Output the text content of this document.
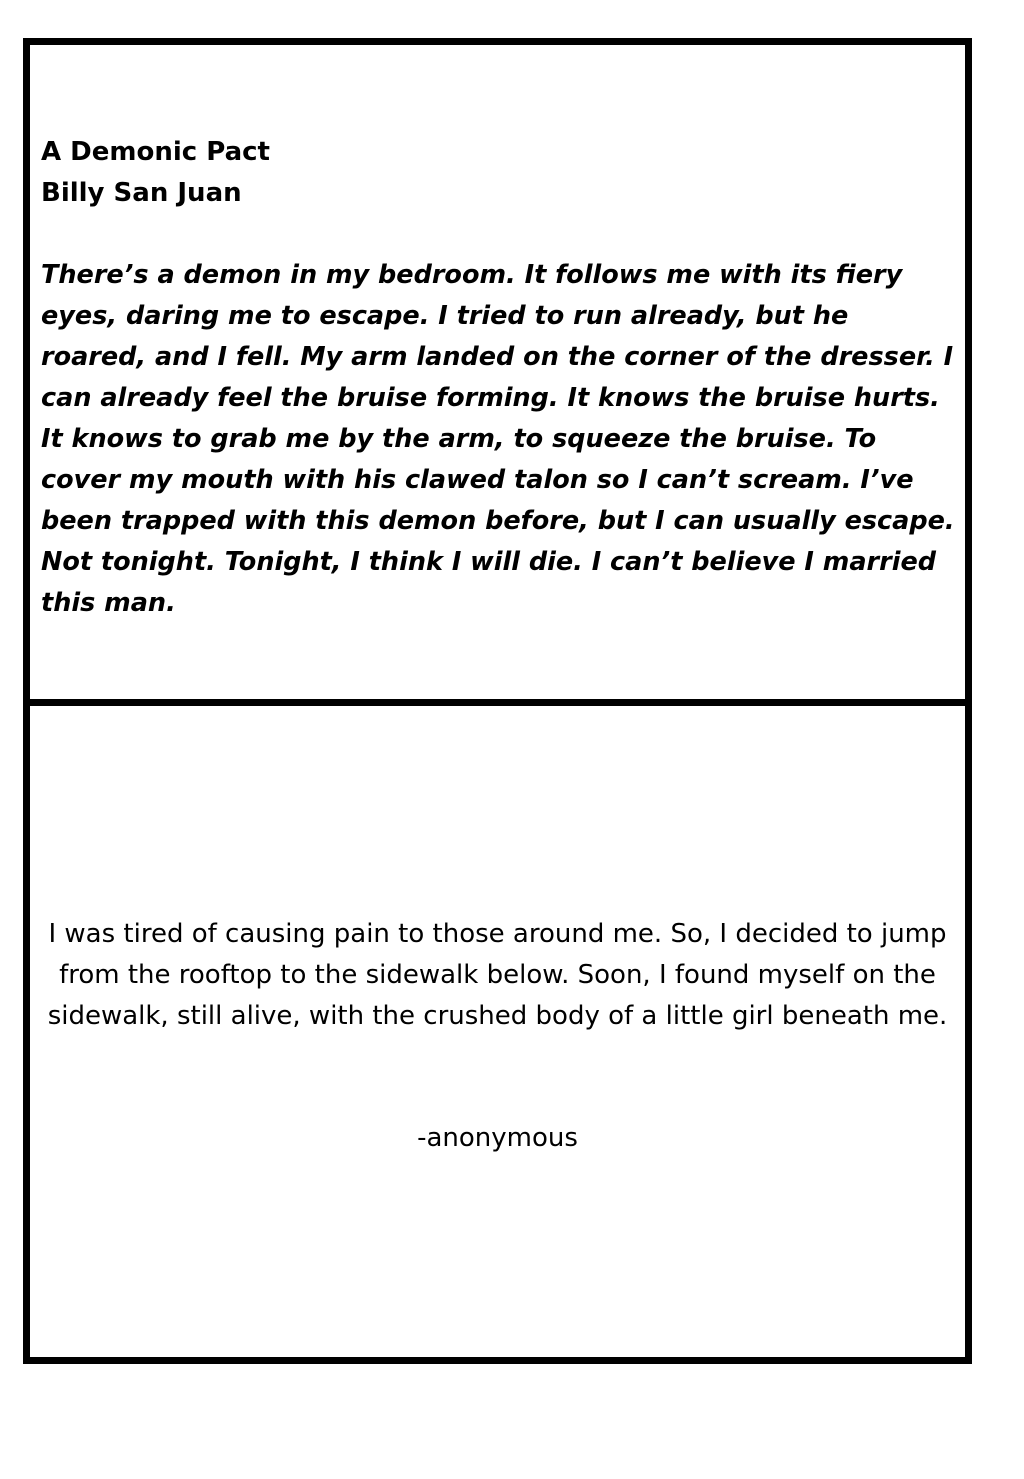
A Demonic Pact

Billy San Juan

There’s a demon in my bedroom. It follows me with its fiery eyes, daring me to escape. I tried to run already, but he roared, and I fell. My arm landed on the corner of the dresser. I can already feel the bruise forming. It knows the bruise hurts. It knows to grab me by the arm, to squeeze the bruise. To cover my mouth with his clawed talon so I can’t scream. I’ve been trapped with this demon before, but I can usually escape. Not tonight. Tonight, I think I will die. I can’t believe I married this man.

I was tired of causing pain to those around me. So, I decided to jump from the rooftop to the sidewalk below. Soon, I found myself on the sidewalk, still alive, with the crushed body of a little girl beneath me.

-anonymous
